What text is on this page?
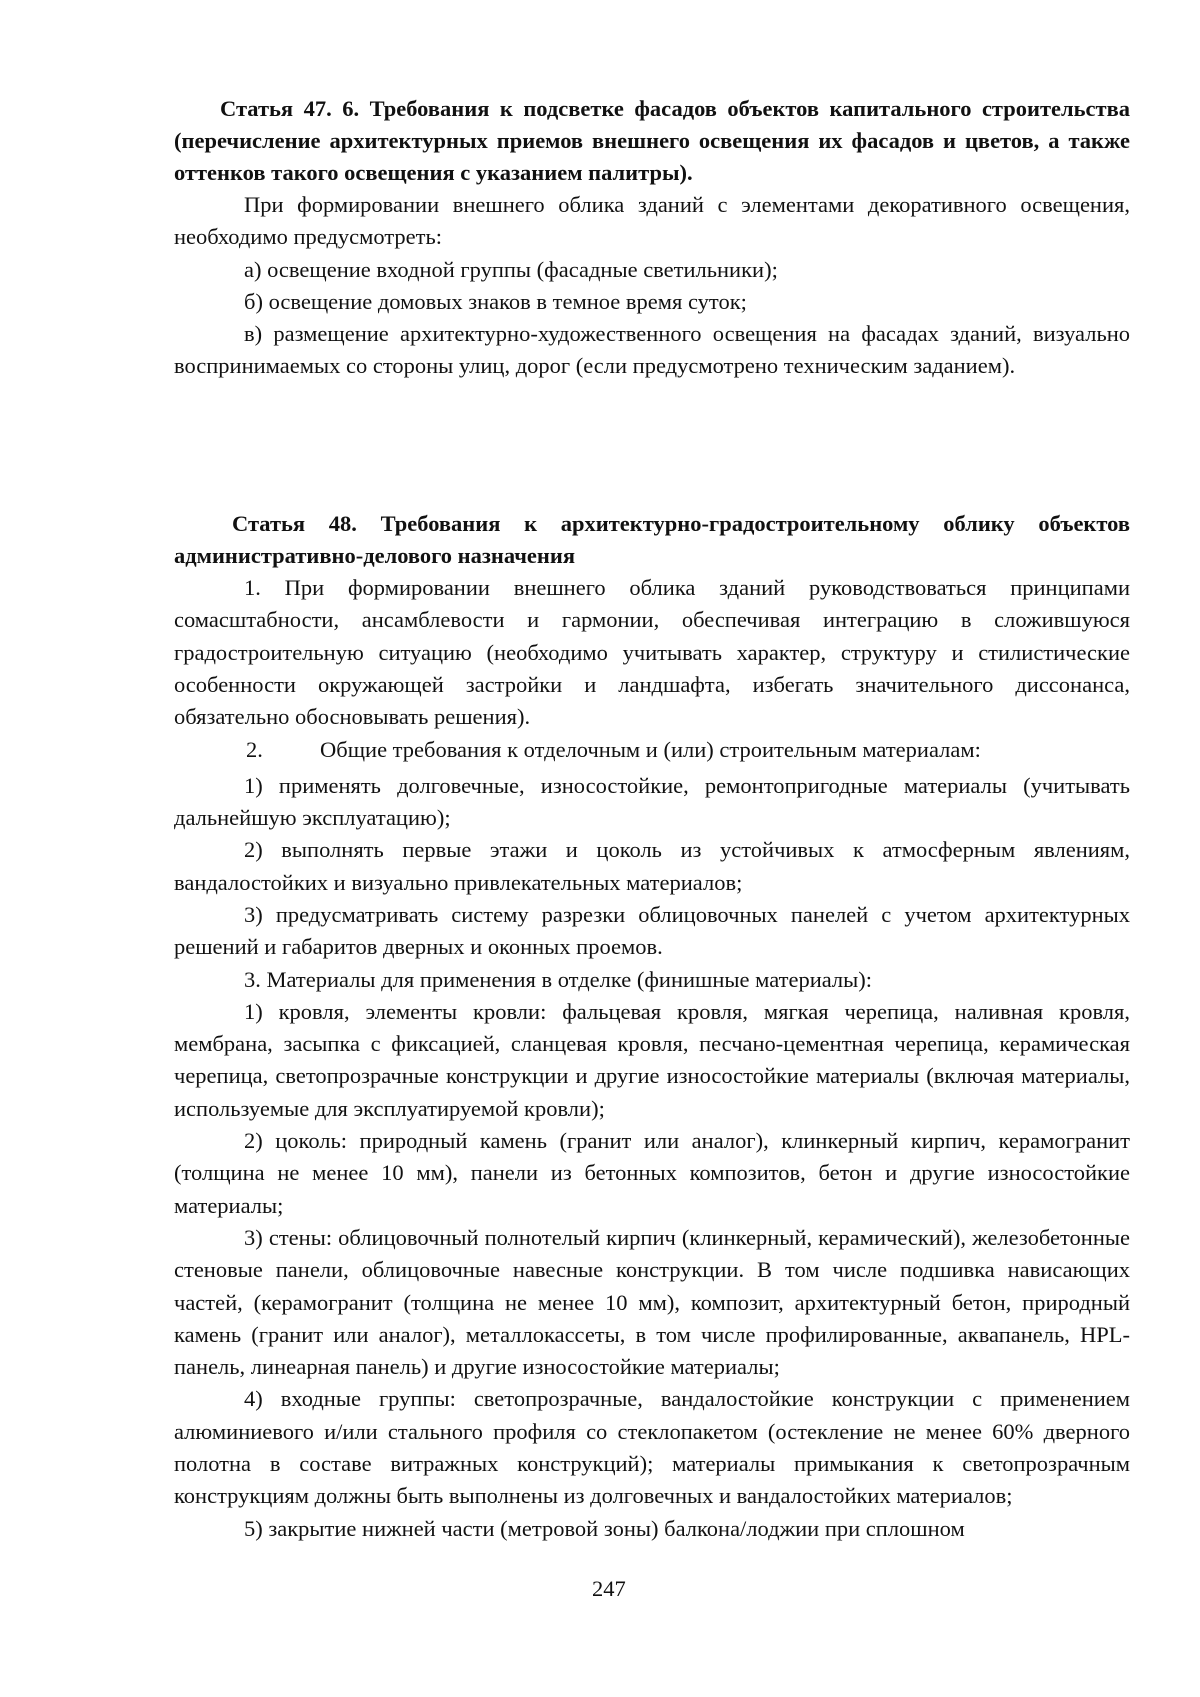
Статья 47. 6. Требования к подсветке фасадов объектов капитального строительства (перечисление архитектурных приемов внешнего освещения их фасадов и цветов, а также оттенков такого освещения с указанием палитры).

При формировании внешнего облика зданий с элементами декоративного освещения, необходимо предусмотреть:

а) освещение входной группы (фасадные светильники);

б) освещение домовых знаков в темное время суток;

в) размещение архитектурно-художественного освещения на фасадах зданий, визуально воспринимаемых со стороны улиц, дорог (если предусмотрено техническим заданием).

Статья 48. Требования к архитектурно-градостроительному облику объектов административно-делового назначения

1. При формировании внешнего облика зданий руководствоваться принципами сомасштабности, ансамблевости и гармонии, обеспечивая интеграцию в сложившуюся градостроительную ситуацию (необходимо учитывать характер, структуру и стилистические особенности окружающей застройки и ландшафта, избегать значительного диссонанса, обязательно обосновывать решения).

2.	Общие требования к отделочным и (или) строительным материалам:

1) применять долговечные, износостойкие, ремонтопригодные материалы (учитывать дальнейшую эксплуатацию);

2) выполнять первые этажи и цоколь из устойчивых к атмосферным явлениям, вандалостойких и визуально привлекательных материалов;

3) предусматривать систему разрезки облицовочных панелей с учетом архитектурных решений и габаритов дверных и оконных проемов.

3. Материалы для применения в отделке (финишные материалы):

1) кровля, элементы кровли: фальцевая кровля, мягкая черепица, наливная кровля, мембрана, засыпка с фиксацией, сланцевая кровля, песчано-цементная черепица, керамическая черепица, светопрозрачные конструкции и другие износостойкие материалы (включая материалы, используемые для эксплуатируемой кровли);

2) цоколь: природный камень (гранит или аналог), клинкерный кирпич, керамогранит (толщина не менее 10 мм), панели из бетонных композитов, бетон и другие износостойкие материалы;

3) стены: облицовочный полнотелый кирпич (клинкерный, керамический), железобетонные стеновые панели, облицовочные навесные конструкции. В том числе подшивка нависающих частей, (керамогранит (толщина не менее 10 мм), композит, архитектурный бетон, природный камень (гранит или аналог), металлокассеты, в том числе профилированные, аквапанель, HPL-панель, линеарная панель) и другие износостойкие материалы;

4) входные группы: светопрозрачные, вандалостойкие конструкции с применением алюминиевого и/или стального профиля со стеклопакетом (остекление не менее 60% дверного полотна в составе витражных конструкций); материалы примыкания к светопрозрачным конструкциям должны быть выполнены из долговечных и вандалостойких материалов;

5) закрытие нижней части (метровой зоны) балкона/лоджии при сплошном

247
